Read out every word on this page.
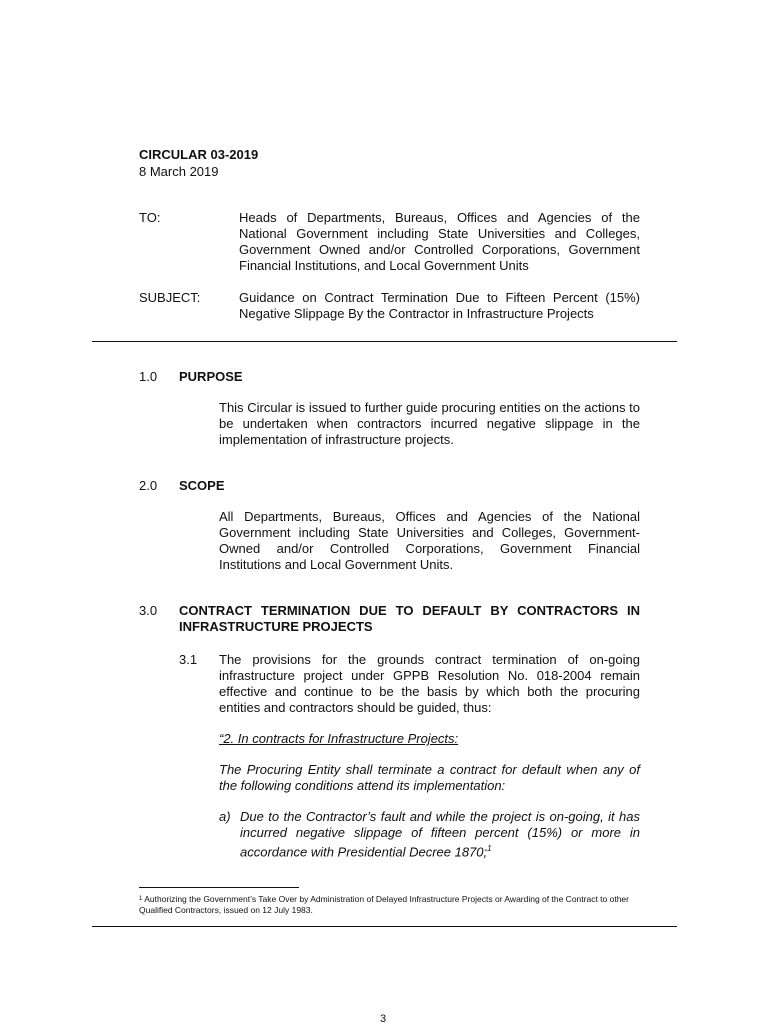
CIRCULAR 03-2019
8 March 2019
TO:	Heads of Departments, Bureaus, Offices and Agencies of the National Government including State Universities and Colleges, Government Owned and/or Controlled Corporations, Government Financial Institutions, and Local Government Units
SUBJECT:	Guidance on Contract Termination Due to Fifteen Percent (15%) Negative Slippage By the Contractor in Infrastructure Projects
1.0 PURPOSE
This Circular is issued to further guide procuring entities on the actions to be undertaken when contractors incurred negative slippage in the implementation of infrastructure projects.
2.0 SCOPE
All Departments, Bureaus, Offices and Agencies of the National Government including State Universities and Colleges, Government-Owned and/or Controlled Corporations, Government Financial Institutions and Local Government Units.
3.0 CONTRACT TERMINATION DUE TO DEFAULT BY CONTRACTORS IN INFRASTRUCTURE PROJECTS
3.1 The provisions for the grounds contract termination of on-going infrastructure project under GPPB Resolution No. 018-2004 remain effective and continue to be the basis by which both the procuring entities and contractors should be guided, thus:
“2. In contracts for Infrastructure Projects:
The Procuring Entity shall terminate a contract for default when any of the following conditions attend its implementation:
a) Due to the Contractor’s fault and while the project is on-going, it has incurred negative slippage of fifteen percent (15%) or more in accordance with Presidential Decree 1870;$^1$
$^1$ Authorizing the Government’s Take Over by Administration of Delayed Infrastructure Projects or Awarding of the Contract to other Qualified Contractors, issued on 12 July 1983.
3
